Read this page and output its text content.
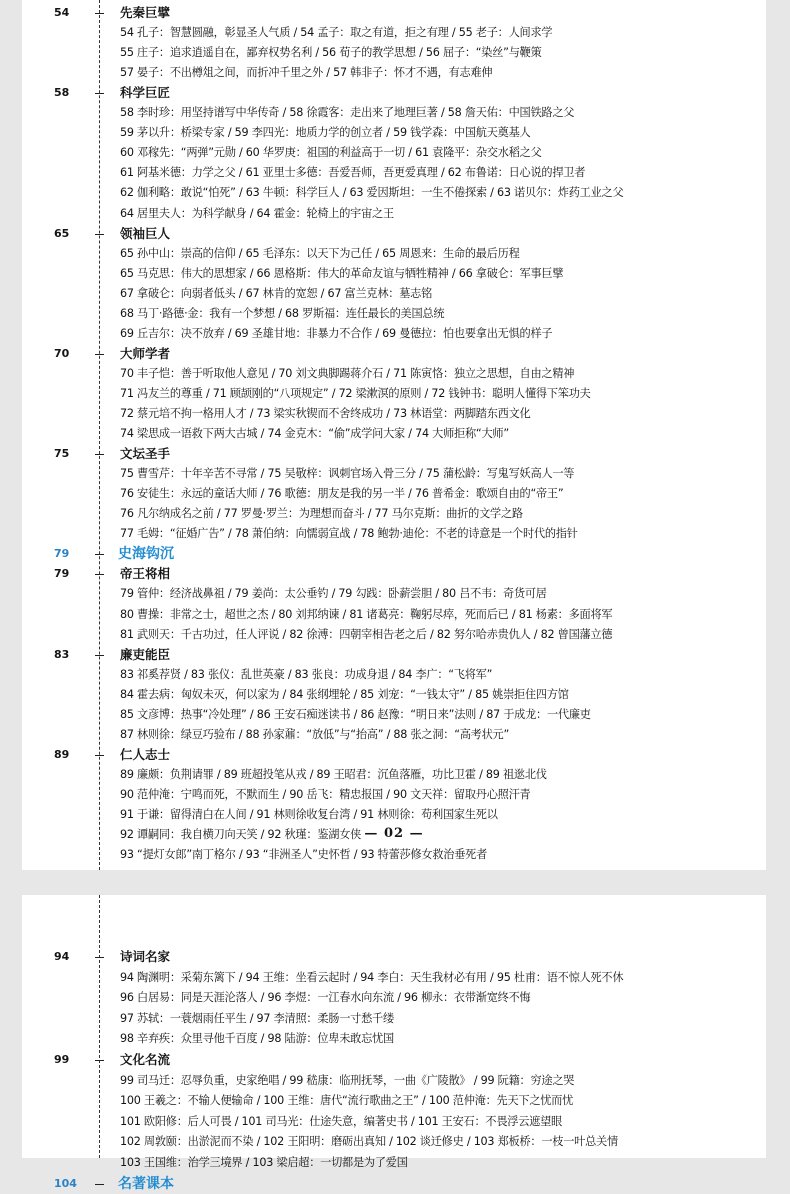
54	先秦巨擘
54 孔子：智慧圆融，彰显圣人气质 / 54 孟子：取之有道，拒之有理 / 55 老子：人间求学
55 庄子：追求逍遥自在，鄙弃权势名利 / 56 荀子的教学思想 / 56 屈子：“染丝”与鞭策
57 晏子：不出樽俎之间，而折冲千里之外 / 57 韩非子：怀才不遇，有志难伸
58	科学巨匠
58 李时珍：用坚持谱写中华传奇 / 58 徐霞客：走出来了地理巨著 / 58 詹天佑：中国铁路之父
59 茅以升：桥梁专家 / 59 李四光：地质力学的创立者 / 59 钱学森：中国航天奠基人
60 邓稼先：“两弹”元勋 / 60 华罗庚：祖国的利益高于一切 / 61 袁隆平：杂交水稻之父
61 阿基米德：力学之父 / 61 亚里士多德：吾爱吾师，吾更爱真理 / 62 布鲁诺：日心说的捍卫者
62 伽利略：敢说“怕死” / 63 牛顿：科学巨人 / 63 爱因斯坦：一生不倦探索 / 63 诺贝尔：炸药工业之父
64 居里夫人：为科学献身 / 64 霍金：轮椅上的宇宙之王
65	领袖巨人
65 孙中山：崇高的信仰 / 65 毛泽东：以天下为己任 / 65 周恩来：生命的最后历程
65 马克思：伟大的思想家 / 66 恩格斯：伟大的革命友谊与牺牲精神 / 66 拿破仑：军事巨擘
67 拿破仑：向弱者低头 / 67 林肯的宽恕 / 67 富兰克林：墓志铭
68 马丁·路德·金：我有一个梦想 / 68 罗斯福：连任最长的美国总统
69 丘吉尔：决不放弃 / 69 圣雄甘地：非暴力不合作 / 69 曼德拉：怕也要拿出无惧的样子
70	大师学者
70 丰子恺：善于听取他人意见 / 70 刘文典脚踢蒋介石 / 71 陈寅恪：独立之思想，自由之精神
71 冯友兰的尊重 / 71 顾颉刚的“八项规定” / 72 梁漱溟的原则 / 72 钱钟书：聪明人懂得下笨功夫
72 蔡元培不拘一格用人才 / 73 梁实秋锲而不舍终成功 / 73 林语堂：两脚踏东西文化
74 梁思成一语救下两大古城 / 74 金克木：“偷”成学问大家 / 74 大师拒称“大师”
75	文坛圣手
75 曹雪芹：十年辛苦不寻常 / 75 吴敬梓：讽刺官场入骨三分 / 75 蒲松龄：写鬼写妖高人一等
76 安徒生：永远的童话大师 / 76 歌德：朋友是我的另一半 / 76 普希金：歌颂自由的“帝王”
76 凡尔纳成名之前 / 77 罗曼·罗兰：为理想而奋斗 / 77 马尔克斯：曲折的文学之路
77 毛姆：“征婚广告” / 78 萧伯纳：向懦弱宣战 / 78 鲍勃·迪伦：不老的诗意是一个时代的指针
79	史海钩沉
79	帝王将相
79 管仲：经济战鼻祖 / 79 姜尚：太公垂钓 / 79 勾践：卧薪尝胆 / 80 吕不韦：奇货可居
80 曹操：非常之士，超世之杰 / 80 刘邦纳谏 / 81 诸葛亮：鞠躬尽瘁，死而后已 / 81 杨素：多面将军
81 武则天：千古功过，任人评说 / 82 徐溥：四朝宰相告老之后 / 82 努尔哈赤贵仇人 / 82 曾国藩立德
83	廉吏能臣
83 祁奚荐贤 / 83 张仪：乱世英豪 / 83 张良：功成身退 / 84 李广：“飞将军”
84 霍去病：匈奴未灭，何以家为 / 84 张纲埋轮 / 85 刘宠：“一钱太守” / 85 姚崇拒住四方馆
85 文彦博：热事“冷处理” / 86 王安石痴迷读书 / 86 赵豫：“明日来”法则 / 87 于成龙：一代廉吏
87 林则徐：绿豆巧验布 / 88 孙家鼐：“放低”与“抬高” / 88 张之洞：“高考状元”
89	仁人志士
89 廉颇：负荆请罪 / 89 班超投笔从戎 / 89 王昭君：沉鱼落雁，功比卫霍 / 89 祖逖北伐
90 范仲淹：宁鸣而死，不默而生 / 90 岳飞：精忠报国 / 90 文天祥：留取丹心照汗青
91 于谦：留得清白在人间 / 91 林则徐收复台湾 / 91 林则徐：苟利国家生死以
92 谭嗣同：我自横刀向天笑 / 92 秋瑾：鉴湖女侠
93 “提灯女郎”南丁格尔 / 93 “非洲圣人”史怀哲 / 93 特蕾莎修女救治垂死者
— 02 —
94	诗词名家
94 陶渊明：采菊东篱下 / 94 王维：坐看云起时 / 94 李白：天生我材必有用 / 95 杜甫：语不惊人死不休
96 白居易：同是天涯沦落人 / 96 李煜：一江春水向东流 / 96 柳永：衣带渐宽终不悔
97 苏轼：一蓑烟雨任平生 / 97 李清照：柔肠一寸愁千缕
98 辛弃疾：众里寻他千百度 / 98 陆游：位卑未敢忘忧国
99	文化名流
99 司马迁：忍辱负重，史家绝唱 / 99 嵇康：临刑抚琴，一曲《广陵散》 / 99 阮籍：穷途之哭
100 王羲之：不输人便输命 / 100 王维：唐代“流行歌曲之王” / 100 范仲淹：先天下之忧而忧
101 欧阳修：后人可畏 / 101 司马光：仕途失意，编著史书 / 101 王安石：不畏浮云遮望眼
102 周敦颐：出淤泥而不染 / 102 王阳明：磨砺出真知 / 102 谈迁修史 / 103 郑板桥：一枝一叶总关情
103 王国维：治学三境界 / 103 梁启超：一切都是为了爱国
104	名著课本
